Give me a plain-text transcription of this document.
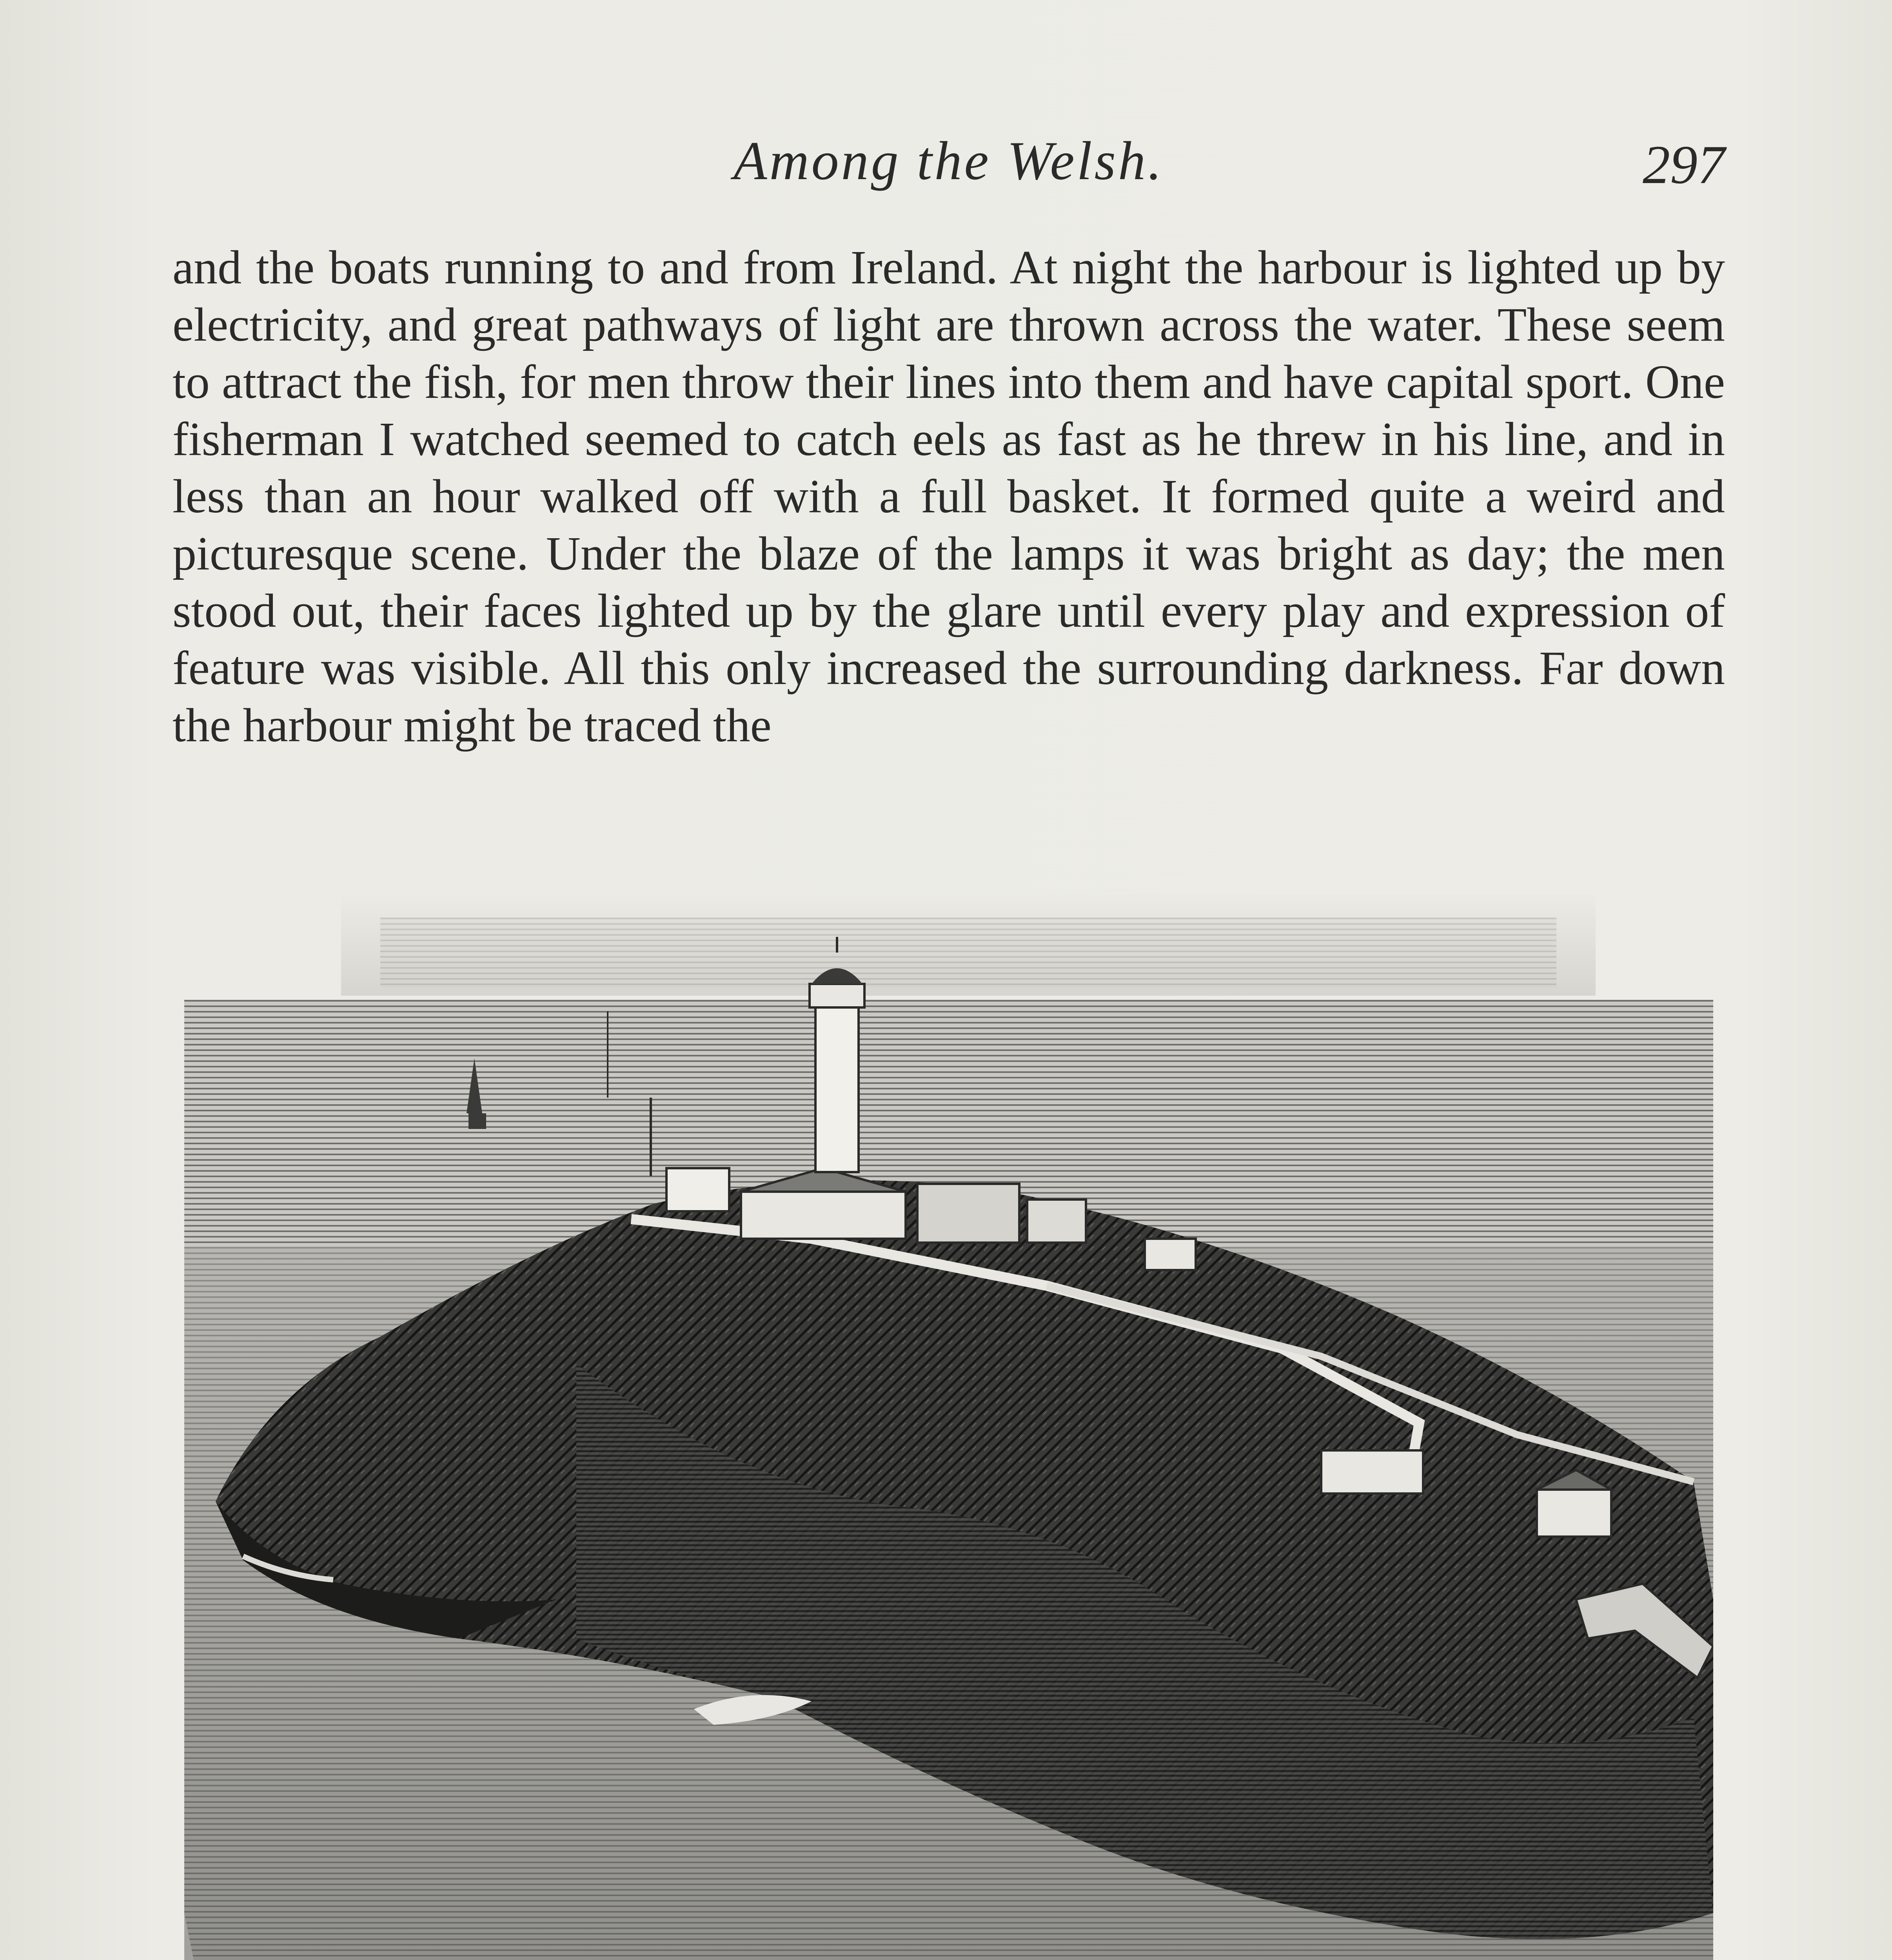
Among the Welsh.	297

and the boats running to and from Ireland. At night the harbour is lighted up by electricity, and great pathways of light are thrown across the water. These seem to attract the fish, for men throw their lines into them and have capital sport. One fisherman I watched seemed to catch eels as fast as he threw in his line, and in less than an hour walked off with a full basket. It formed quite a weird and picturesque scene. Under the blaze of the lamps it was bright as day; the men stood out, their faces lighted up by the glare until every play and expression of feature was visible. All this only increased the surrounding darkness. Far down the harbour might be traced the
